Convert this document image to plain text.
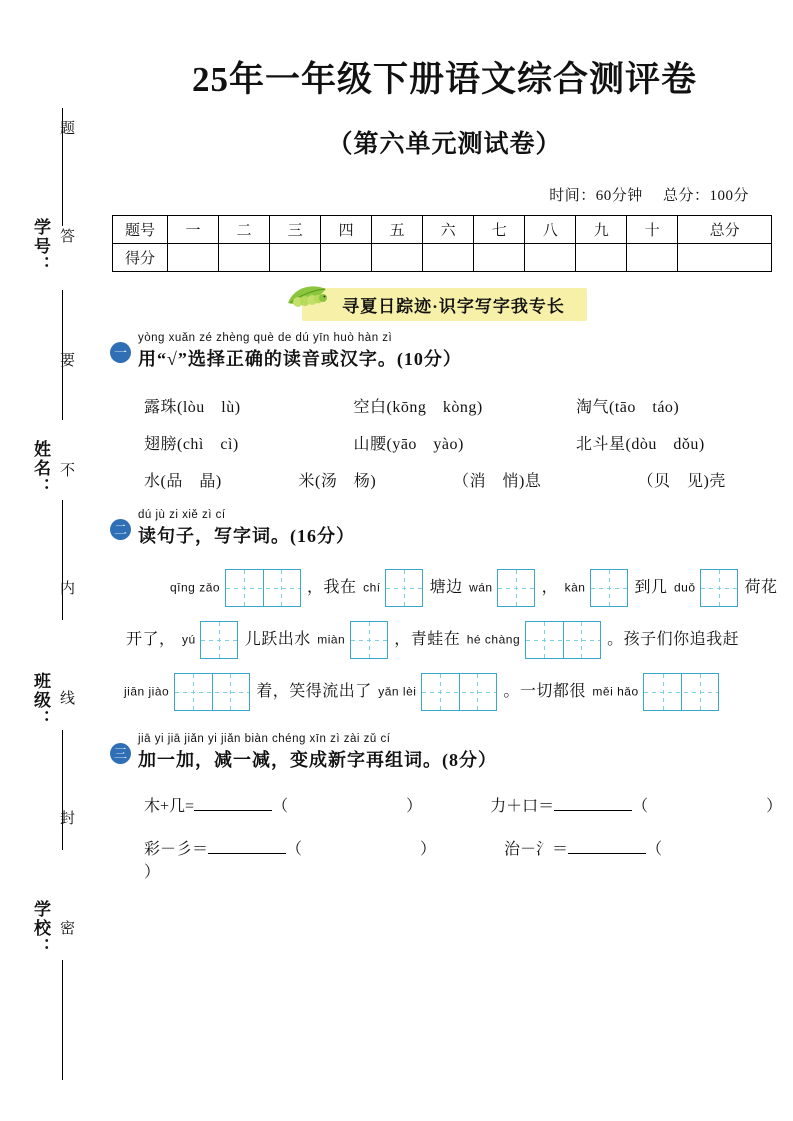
学号：
姓名：
班级：
学校：
题
答
要
不
内
线
封
密
25年一年级下册语文综合测评卷
（第六单元测试卷）
时间：60分钟 总分：100分
题号	一	二	三	四	五	六	七	八	九	十	总分
得分											
寻夏日踪迹·识字写字我专长
一
yòng xuǎn zé zhèng què de dú yīn huò hàn zì
用“√”选择正确的读音或汉字。(10分）
露珠(lòu　lù)	空白(kōng　kòng)	淘气(tāo　táo)
翅膀(chì　cì)	山腰(yāo　yào)	北斗星(dòu　dǒu)
水(品　晶)	米(汤　杨)	（消　悄)息	（贝　见)壳
二
dú jù zi xiě zì cí
读句子，写字词。(16分）
qīng zǎo	，我在 chí	塘边 wán	， kàn	到几 duǒ	荷花
开了， yú	儿跃出水 miàn	，青蛙在 hé chàng	。孩子们你追我赶
jiān jiào	着，笑得流出了 yǎn lèi	。一切都很 měi hǎo
三
jiā yi jiā jiǎn yi jiǎn biàn chéng xīn zì zài zǔ cí
加一加，减一减，变成新字再组词。(8分）
木+几=	（	）	力＋口＝	（	）
彩－彡＝	（	）	治－氵＝	（）
